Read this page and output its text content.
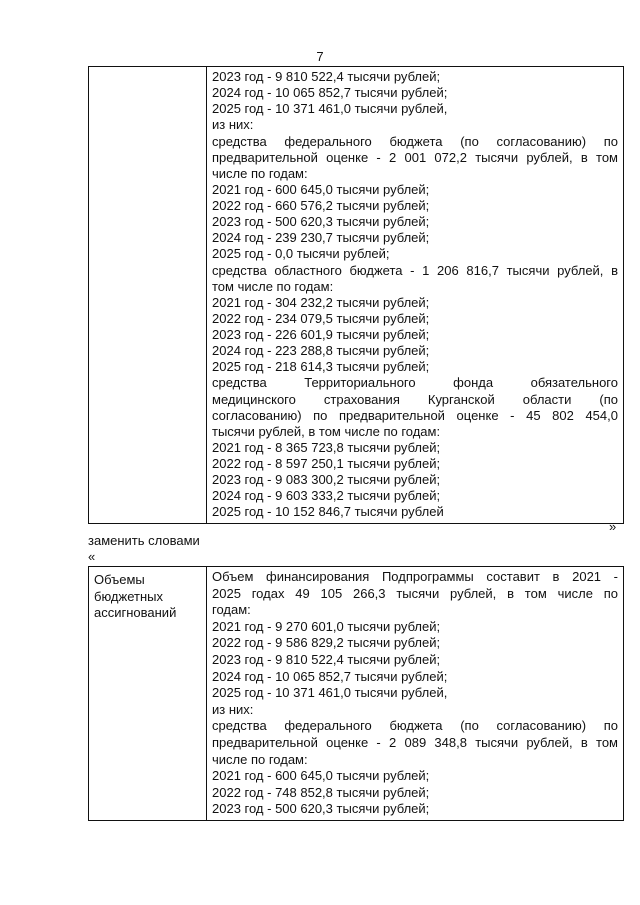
7

2023 год - 9 810 522,4 тысячи рублей;
2024 год - 10 065 852,7 тысячи рублей;
2025 год - 10 371 461,0 тысячи рублей,
из них:
средства федерального бюджета (по согласованию) по
предварительной оценке - 2 001 072,2 тысячи рублей, в том
числе по годам:
2021 год - 600 645,0 тысячи рублей;
2022 год - 660 576,2 тысячи рублей;
2023 год - 500 620,3 тысячи рублей;
2024 год - 239 230,7 тысячи рублей;
2025 год - 0,0 тысячи рублей;
средства областного бюджета - 1 206 816,7 тысячи рублей, в
том числе по годам:
2021 год - 304 232,2 тысячи рублей;
2022 год - 234 079,5 тысячи рублей;
2023 год - 226 601,9 тысячи рублей;
2024 год - 223 288,8 тысячи рублей;
2025 год - 218 614,3 тысячи рублей;
средства Территориального фонда обязательного
медицинского страхования Курганской области (по
согласованию) по предварительной оценке - 45 802 454,0
тысячи рублей, в том числе по годам:
2021 год - 8 365 723,8 тысячи рублей;
2022 год - 8 597 250,1 тысячи рублей;
2023 год - 9 083 300,2 тысячи рублей;
2024 год - 9 603 333,2 тысячи рублей;
2025 год - 10 152 846,7 тысячи рублей
»
заменить словами
«
Объемы
бюджетных
ассигнований

Объем финансирования Подпрограммы составит в 2021 -
2025 годах 49 105 266,3 тысячи рублей, в том числе по
годам:
2021 год - 9 270 601,0 тысячи рублей;
2022 год - 9 586 829,2 тысячи рублей;
2023 год - 9 810 522,4 тысячи рублей;
2024 год - 10 065 852,7 тысячи рублей;
2025 год - 10 371 461,0 тысячи рублей,
из них:
средства федерального бюджета (по согласованию) по
предварительной оценке - 2 089 348,8 тысячи рублей, в том
числе по годам:
2021 год - 600 645,0 тысячи рублей;
2022 год - 748 852,8 тысячи рублей;
2023 год - 500 620,3 тысячи рублей;
